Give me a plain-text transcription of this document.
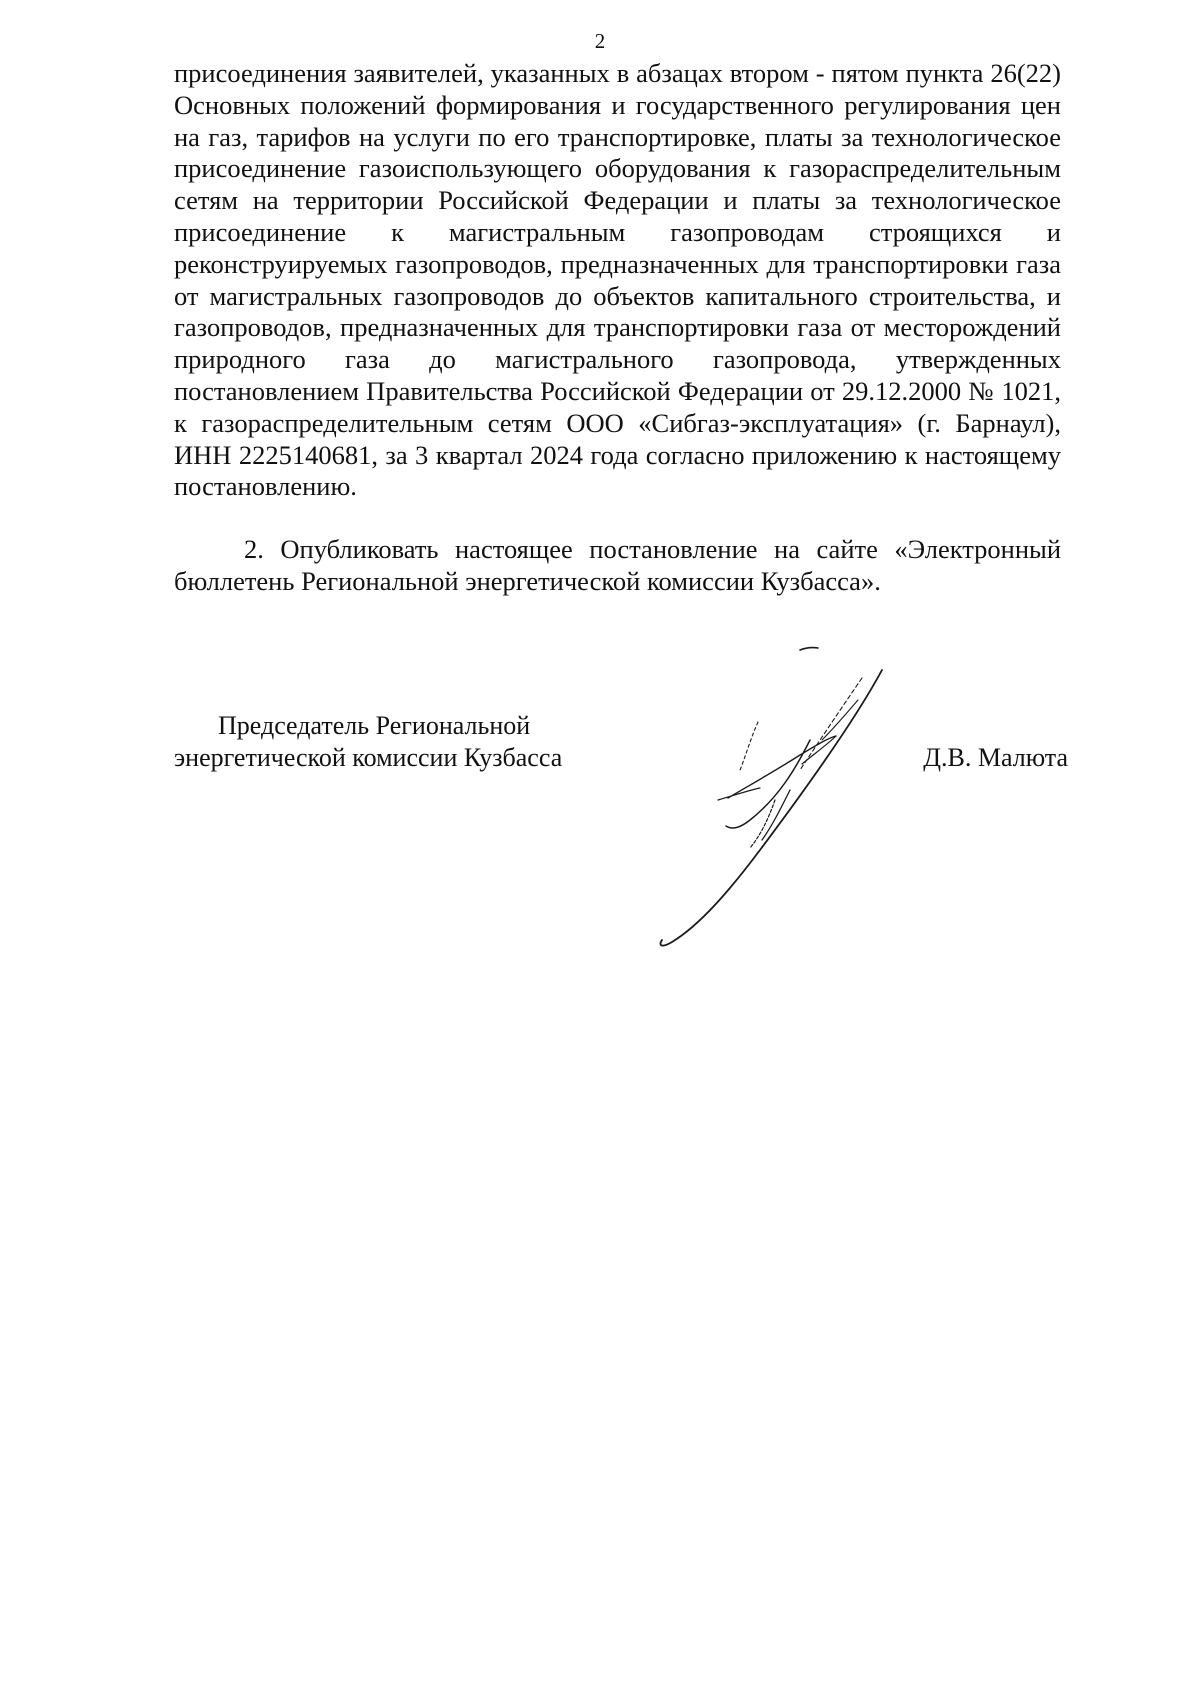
2

присоединения заявителей, указанных в абзацах втором - пятом пункта 26(22) Основных положений формирования и государственного регулирования цен на газ, тарифов на услуги по его транспортировке, платы за технологическое присоединение газоиспользующего оборудования к газораспределительным сетям на территории Российской Федерации и платы за технологическое присоединение к магистральным газопроводам строящихся и реконструируемых газопроводов, предназначенных для транспортировки газа от магистральных газопроводов до объектов капитального строительства, и газопроводов, предназначенных для транспортировки газа от месторождений природного газа до магистрального газопровода, утвержденных постановлением Правительства Российской Федерации от 29.12.2000 № 1021, к газораспределительным сетям ООО «Сибгаз-эксплуатация» (г. Барнаул), ИНН 2225140681, за 3 квартал 2024 года согласно приложению к настоящему постановлению.

2. Опубликовать настоящее постановление на сайте «Электронный бюллетень Региональной энергетической комиссии Кузбасса».

Председатель Региональной
энергетической комиссии Кузбасса	Д.В. Малюта
